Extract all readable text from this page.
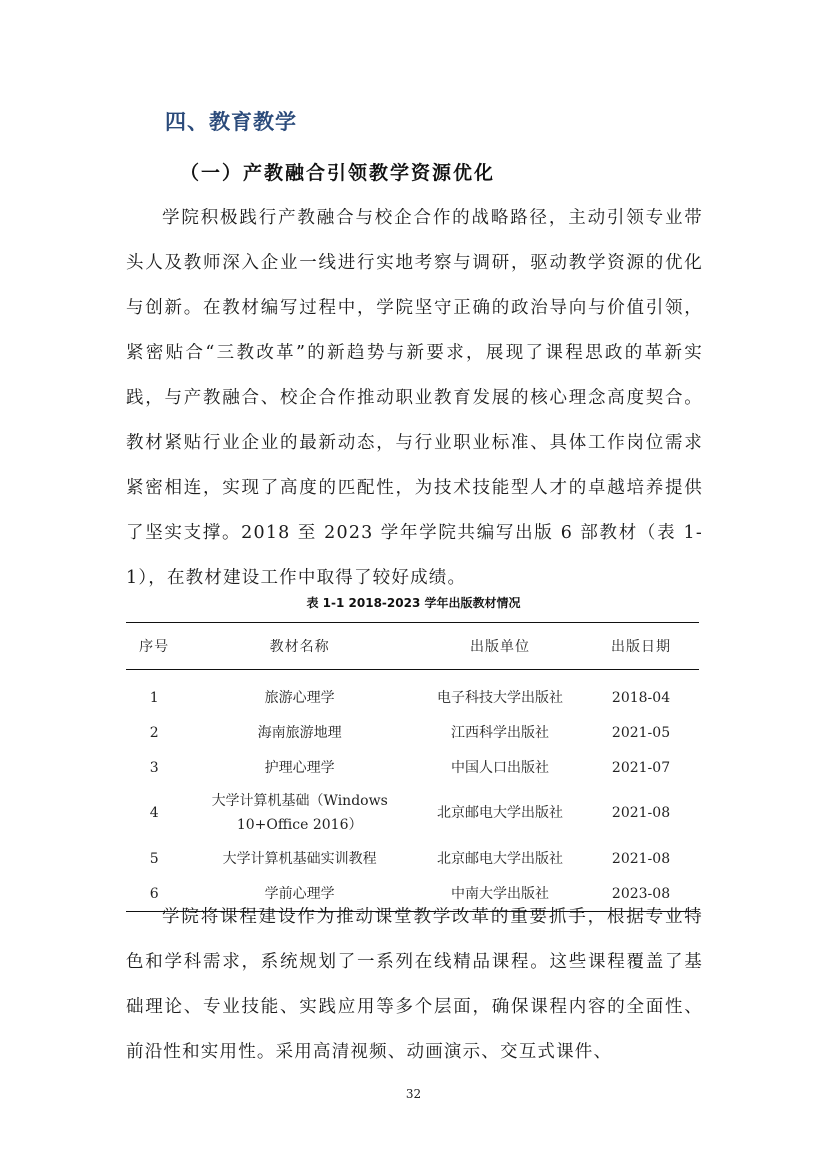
四、教育教学
（一）产教融合引领教学资源优化

学院积极践行产教融合与校企合作的战略路径，主动引领专业带头人及教师深入企业一线进行实地考察与调研，驱动教学资源的优化与创新。在教材编写过程中，学院坚守正确的政治导向与价值引领，紧密贴合“三教改革”的新趋势与新要求，展现了课程思政的革新实践，与产教融合、校企合作推动职业教育发展的核心理念高度契合。教材紧贴行业企业的最新动态，与行业职业标准、具体工作岗位需求紧密相连，实现了高度的匹配性，为技术技能型人才的卓越培养提供了坚实支撑。2018 至 2023 学年学院共编写出版 6 部教材（表 1-1），在教材建设工作中取得了较好成绩。

表 1-1 2018-2023 学年出版教材情况
序号	教材名称	出版单位	出版日期
1	旅游心理学	电子科技大学出版社	2018-04
2	海南旅游地理	江西科学出版社	2021-05
3	护理心理学	中国人口出版社	2021-07
4	大学计算机基础（Windows 10+Office 2016）	北京邮电大学出版社	2021-08
5	大学计算机基础实训教程	北京邮电大学出版社	2021-08
6	学前心理学	中南大学出版社	2023-08

学院将课程建设作为推动课堂教学改革的重要抓手，根据专业特色和学科需求，系统规划了一系列在线精品课程。这些课程覆盖了基础理论、专业技能、实践应用等多个层面，确保课程内容的全面性、前沿性和实用性。采用高清视频、动画演示、交互式课件、

32
